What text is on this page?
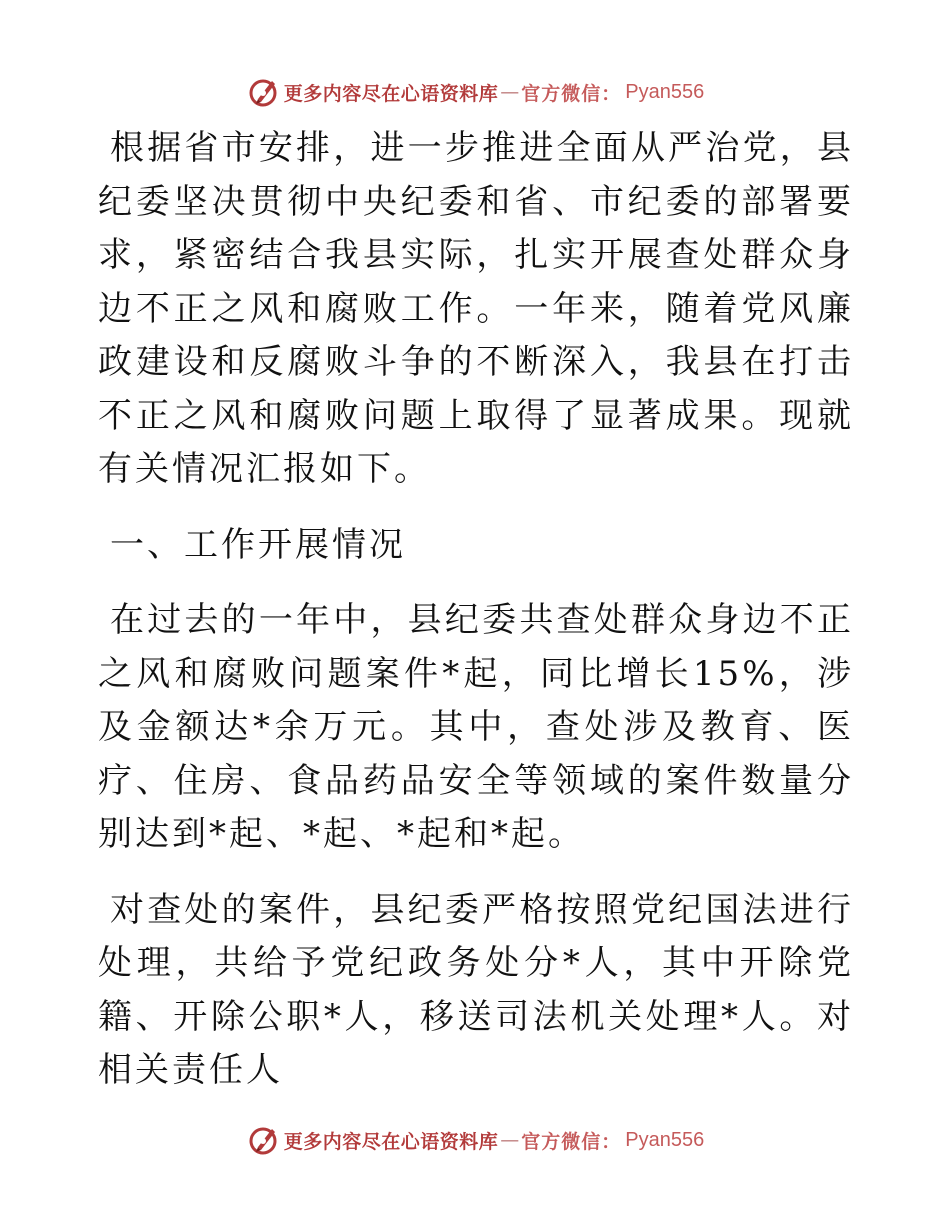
更多内容尽在心语资料库 — 官方微信： Pyan556

根据省市安排，进一步推进全面从严治党，县纪委坚决贯彻中央纪委和省、市纪委的部署要求，紧密结合我县实际，扎实开展查处群众身边不正之风和腐败工作。一年来，随着党风廉政建设和反腐败斗争的不断深入，我县在打击不正之风和腐败问题上取得了显著成果。现就有关情况汇报如下。

一、工作开展情况

在过去的一年中，县纪委共查处群众身边不正之风和腐败问题案件*起，同比增长15%，涉及金额达*余万元。其中，查处涉及教育、医疗、住房、食品药品安全等领域的案件数量分别达到*起、*起、*起和*起。

对查处的案件，县纪委严格按照党纪国法进行处理，共给予党纪政务处分*人，其中开除党籍、开除公职*人，移送司法机关处理*人。对相关责任人

更多内容尽在心语资料库 — 官方微信： Pyan556
